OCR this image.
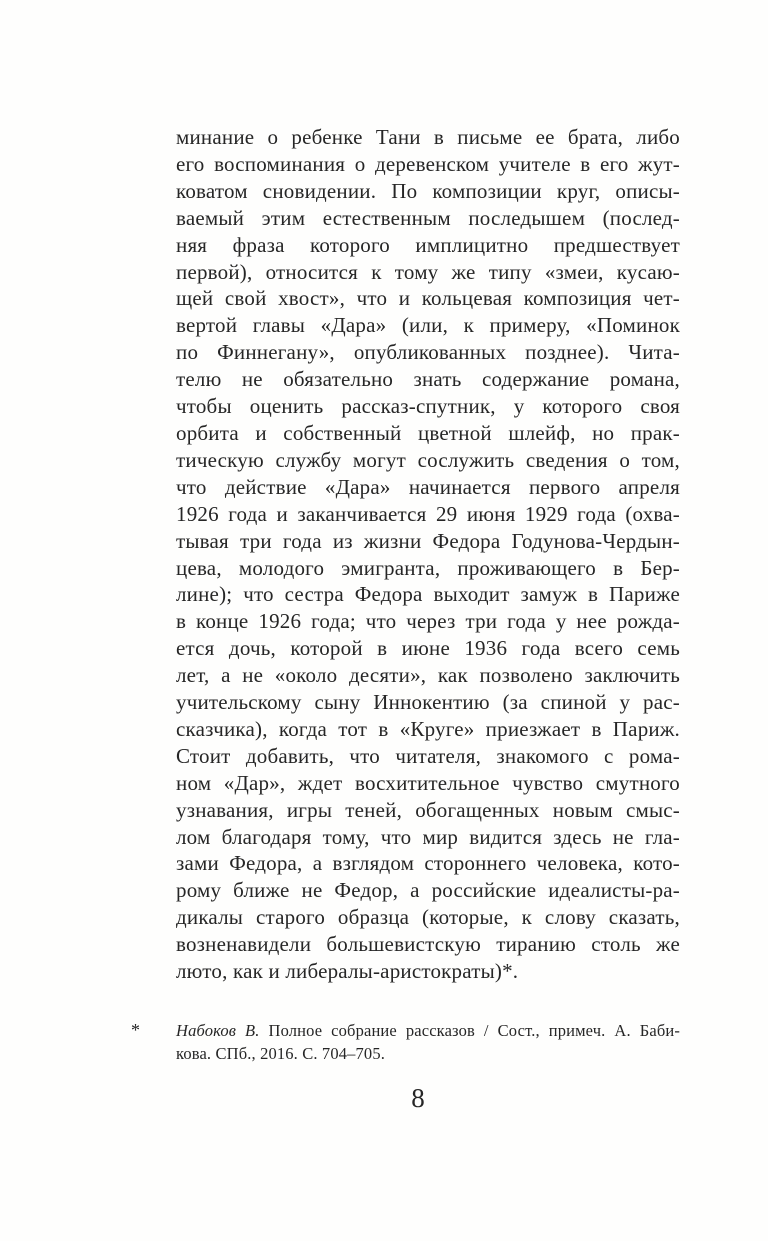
минание о ребенке Тани в письме ее брата, либо
его воспоминания о деревенском учителе в его жут-
коватом сновидении. По композиции круг, описы-
ваемый этим естественным последышем (послед-
няя фраза которого имплицитно предшествует
первой), относится к тому же типу «змеи, кусаю-
щей свой хвост», что и кольцевая композиция чет-
вертой главы «Дара» (или, к примеру, «Поминок
по Финнегану», опубликованных позднее). Чита-
телю не обязательно знать содержание романа,
чтобы оценить рассказ-спутник, у которого своя
орбита и собственный цветной шлейф, но прак-
тическую службу могут сослужить сведения о том,
что действие «Дара» начинается первого апреля
1926 года и заканчивается 29 июня 1929 года (охва-
тывая три года из жизни Федора Годунова-Чердын-
цева, молодого эмигранта, проживающего в Бер-
лине); что сестра Федора выходит замуж в Париже
в конце 1926 года; что через три года у нее рожда-
ется дочь, которой в июне 1936 года всего семь
лет, а не «около десяти», как позволено заключить
учительскому сыну Иннокентию (за спиной у рас-
сказчика), когда тот в «Круге» приезжает в Париж.
Стоит добавить, что читателя, знакомого с рома-
ном «Дар», ждет восхитительное чувство смутного
узнавания, игры теней, обогащенных новым смыс-
лом благодаря тому, что мир видится здесь не гла-
зами Федора, а взглядом стороннего человека, кото-
рому ближе не Федор, а российские идеалисты-ра-
дикалы старого образца (которые, к слову сказать,
возненавидели большевистскую тиранию столь же
люто, как и либералы-аристократы)*.
* Набоков В. Полное собрание рассказов / Сост., примеч. А. Баби-
кова. СПб., 2016. С. 704–705.
8
